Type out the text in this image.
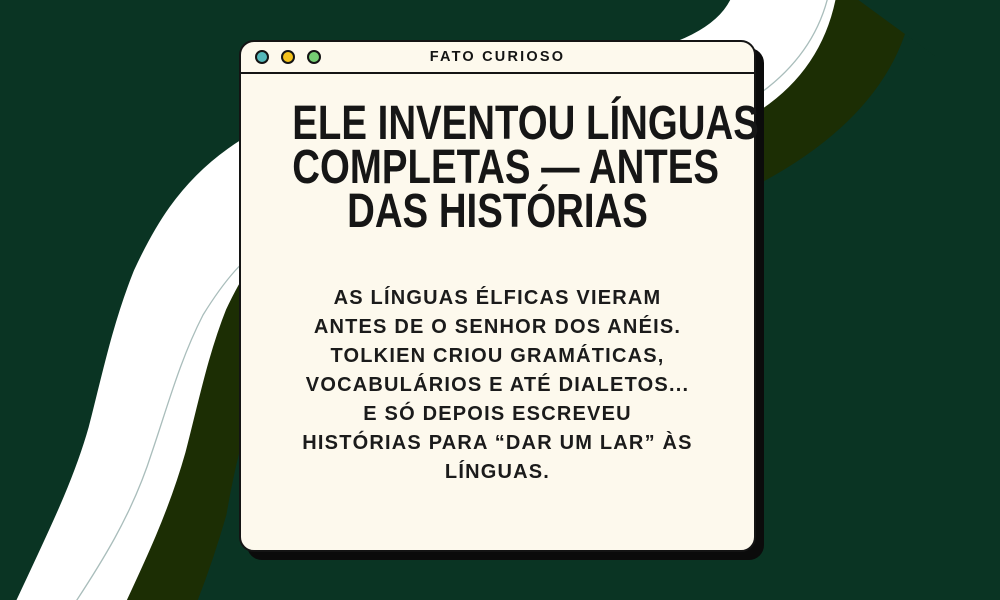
FATO CURIOSO
ELE INVENTOU LÍNGUAS
COMPLETAS — ANTES
DAS HISTÓRIAS

AS LÍNGUAS ÉLFICAS VIERAM
ANTES DE O SENHOR DOS ANÉIS.
TOLKIEN CRIOU GRAMÁTICAS,
VOCABULÁRIOS E ATÉ DIALETOS...
E SÓ DEPOIS ESCREVEU
HISTÓRIAS PARA “DAR UM LAR” ÀS
LÍNGUAS.
